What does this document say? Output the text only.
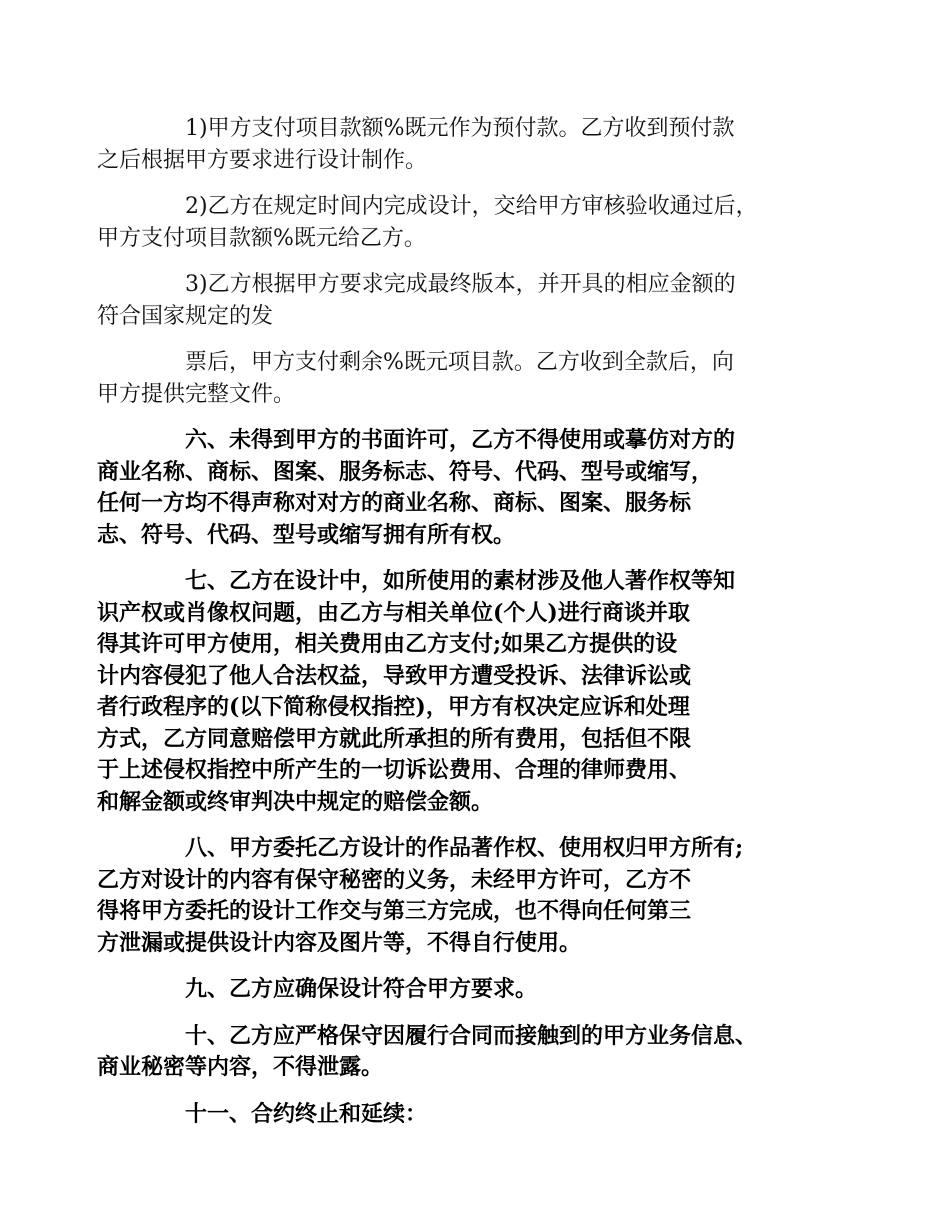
1)甲方支付项目款额%既元作为预付款。乙方收到预付款
之后根据甲方要求进行设计制作。

2)乙方在规定时间内完成设计，交给甲方审核验收通过后，
甲方支付项目款额%既元给乙方。

3)乙方根据甲方要求完成最终版本，并开具的相应金额的
符合国家规定的发

票后，甲方支付剩余%既元项目款。乙方收到全款后，向
甲方提供完整文件。

六、未得到甲方的书面许可，乙方不得使用或摹仿对方的
商业名称、商标、图案、服务标志、符号、代码、型号或缩写，
任何一方均不得声称对对方的商业名称、商标、图案、服务标
志、符号、代码、型号或缩写拥有所有权。

七、乙方在设计中，如所使用的素材涉及他人著作权等知
识产权或肖像权问题，由乙方与相关单位(个人)进行商谈并取
得其许可甲方使用，相关费用由乙方支付;如果乙方提供的设
计内容侵犯了他人合法权益，导致甲方遭受投诉、法律诉讼或
者行政程序的(以下简称侵权指控)，甲方有权决定应诉和处理
方式，乙方同意赔偿甲方就此所承担的所有费用，包括但不限
于上述侵权指控中所产生的一切诉讼费用、合理的律师费用、
和解金额或终审判决中规定的赔偿金额。

八、甲方委托乙方设计的作品著作权、使用权归甲方所有;
乙方对设计的内容有保守秘密的义务，未经甲方许可，乙方不
得将甲方委托的设计工作交与第三方完成，也不得向任何第三
方泄漏或提供设计内容及图片等，不得自行使用。

九、乙方应确保设计符合甲方要求。

十、乙方应严格保守因履行合同而接触到的甲方业务信息、
商业秘密等内容，不得泄露。

十一、合约终止和延续：
